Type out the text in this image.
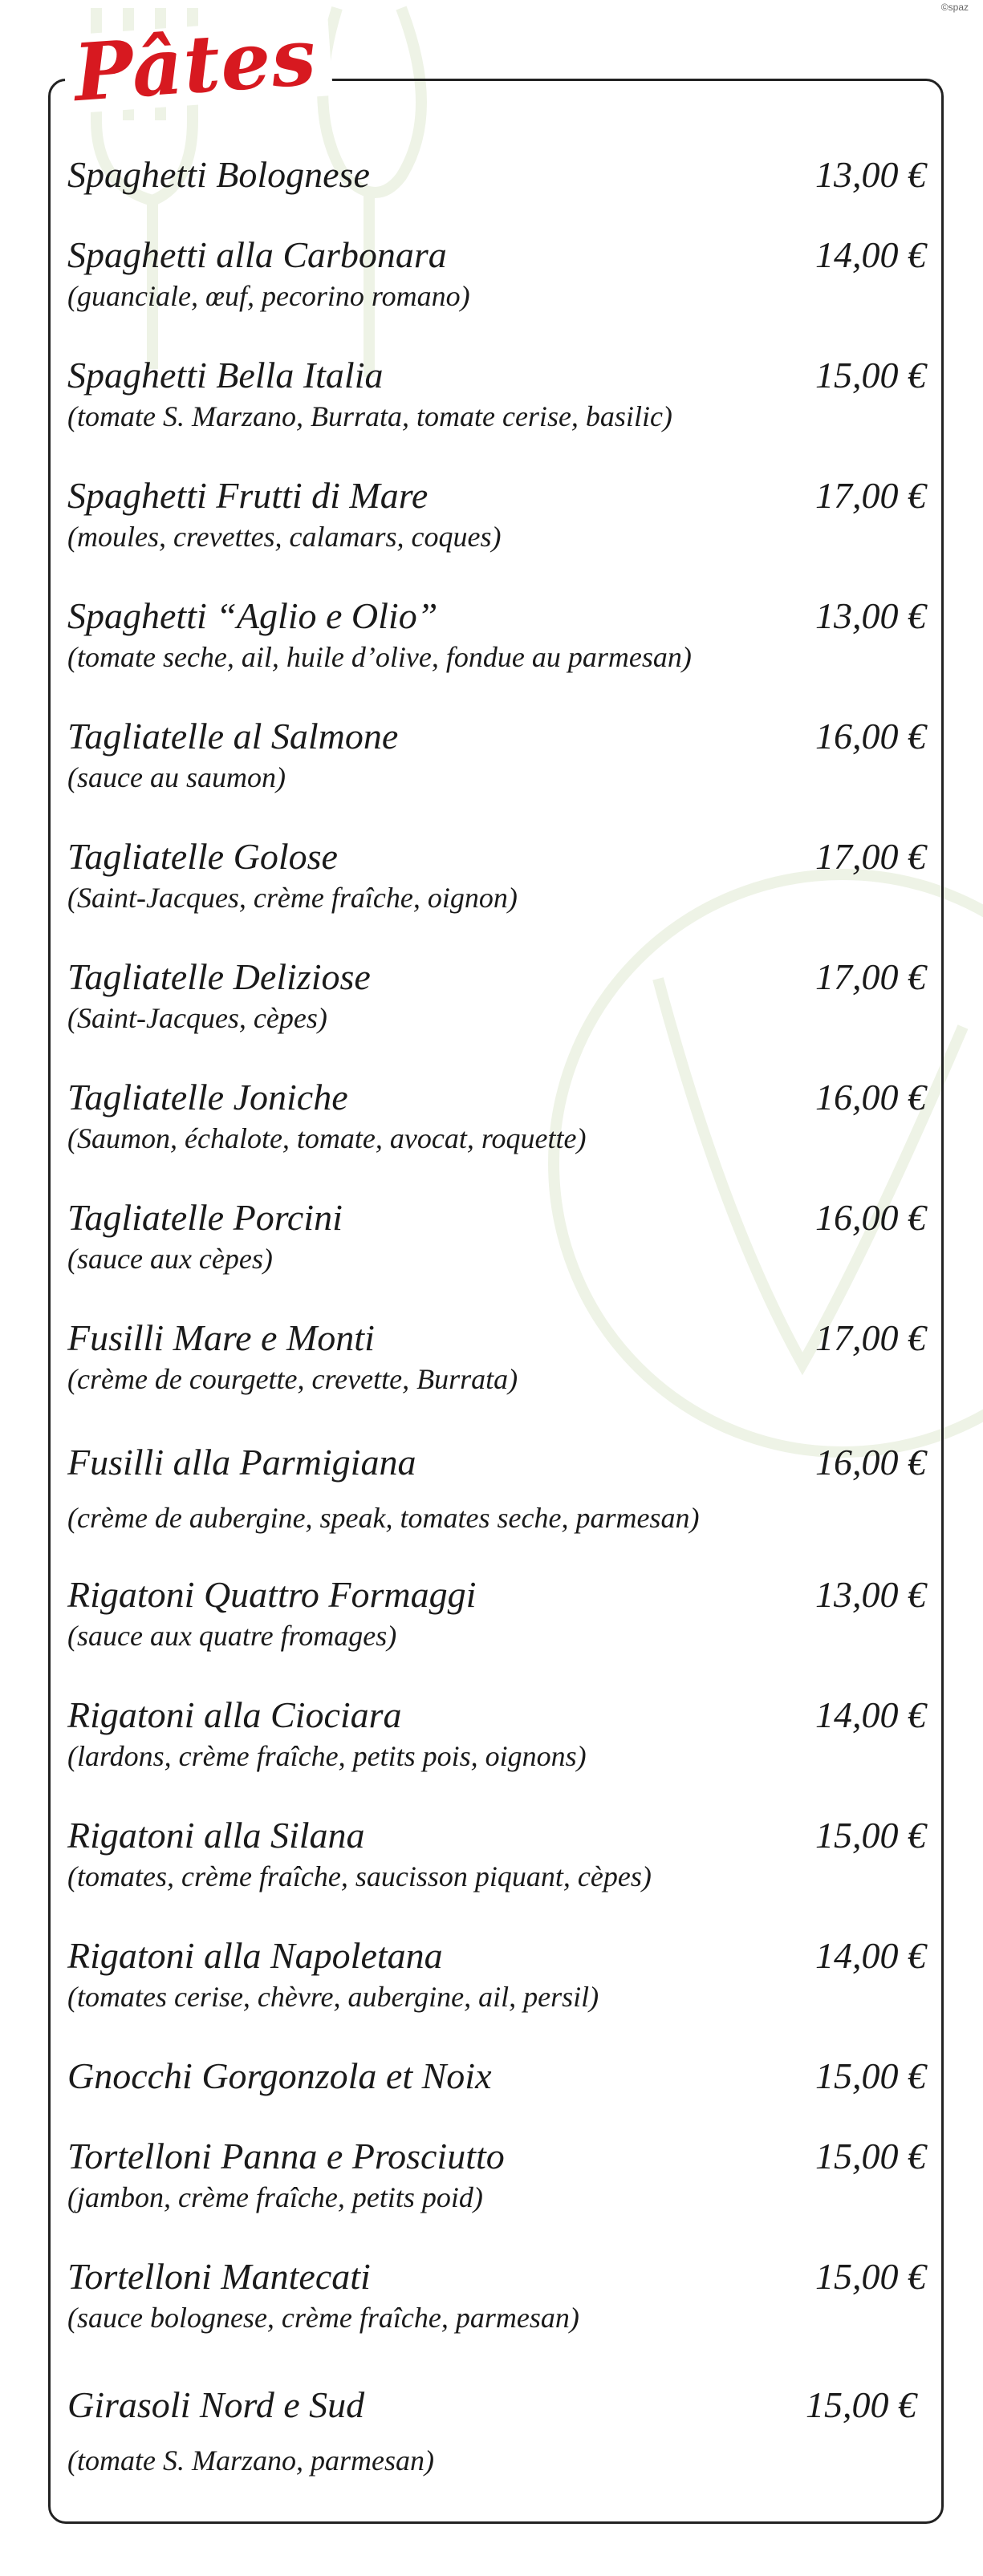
©spaz
Pâtes
Spaghetti Bolognese	13,00 €
Spaghetti alla Carbonara	14,00 €
(guanciale, œuf, pecorino romano)
Spaghetti Bella Italia	15,00 €
(tomate S. Marzano, Burrata, tomate cerise, basilic)
Spaghetti Frutti di Mare	17,00 €
(moules, crevettes, calamars, coques)
Spaghetti “Aglio e Olio”	13,00 €
(tomate seche, ail, huile d’olive, fondue au parmesan)
Tagliatelle al Salmone	16,00 €
(sauce au saumon)
Tagliatelle Golose	17,00 €
(Saint-Jacques, crème fraîche, oignon)
Tagliatelle Deliziose	17,00 €
(Saint-Jacques, cèpes)
Tagliatelle Joniche	16,00 €
(Saumon, échalote, tomate, avocat, roquette)
Tagliatelle Porcini	16,00 €
(sauce aux cèpes)
Fusilli Mare e Monti	17,00 €
(crème de courgette, crevette, Burrata)
Fusilli alla Parmigiana	16,00 €
(crème de aubergine, speak, tomates seche, parmesan)
Rigatoni Quattro Formaggi	13,00 €
(sauce aux quatre fromages)
Rigatoni alla Ciociara	14,00 €
(lardons, crème fraîche, petits pois, oignons)
Rigatoni alla Silana	15,00 €
(tomates, crème fraîche, saucisson piquant, cèpes)
Rigatoni alla Napoletana	14,00 €
(tomates cerise, chèvre, aubergine, ail, persil)
Gnocchi Gorgonzola et Noix	15,00 €
Tortelloni Panna e Prosciutto	15,00 €
(jambon, crème fraîche, petits poid)
Tortelloni Mantecati	15,00 €
(sauce bolognese, crème fraîche, parmesan)
Girasoli Nord e Sud	15,00 €
(tomate S. Marzano, parmesan)
